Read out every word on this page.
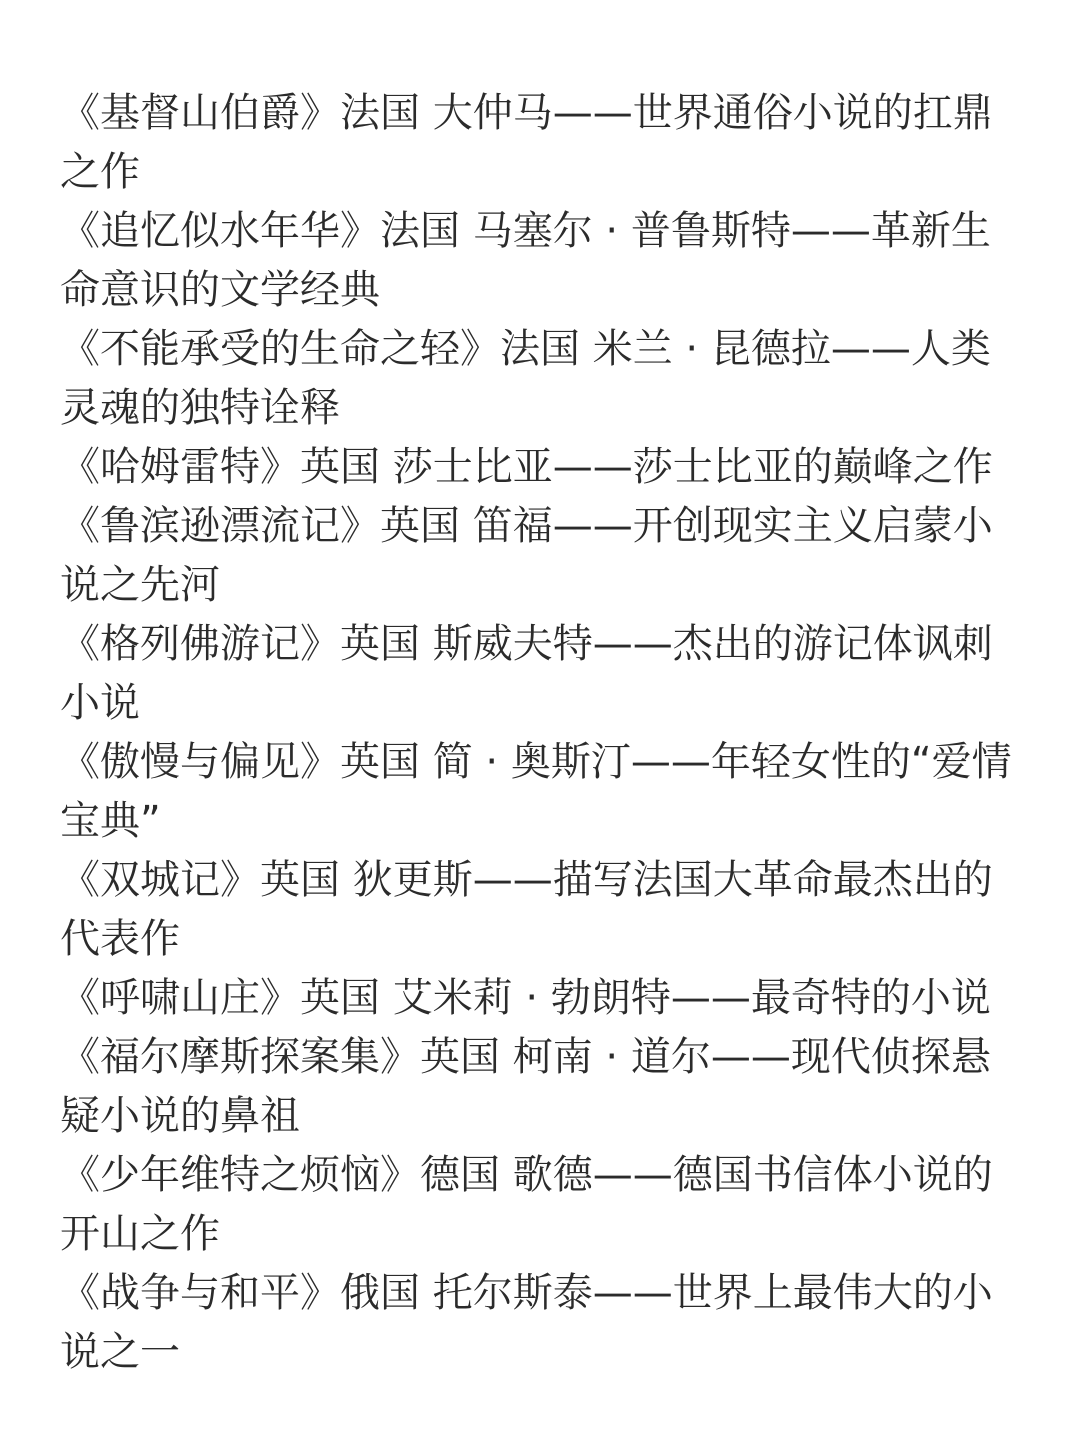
《基督山伯爵》法国 大仲马——世界通俗小说的扛鼎之作

《追忆似水年华》法国 马塞尔 · 普鲁斯特——革新生命意识的文学经典

《不能承受的生命之轻》法国 米兰 · 昆德拉——人类灵魂的独特诠释

《哈姆雷特》英国 莎士比亚——莎士比亚的巅峰之作

《鲁滨逊漂流记》英国 笛福——开创现实主义启蒙小说之先河

《格列佛游记》英国 斯威夫特——杰出的游记体讽刺小说

《傲慢与偏见》英国 简 · 奥斯汀——年轻女性的“爱情宝典”

《双城记》英国 狄更斯——描写法国大革命最杰出的代表作

《呼啸山庄》英国 艾米莉 · 勃朗特——最奇特的小说

《福尔摩斯探案集》英国 柯南 · 道尔——现代侦探悬疑小说的鼻祖

《少年维特之烦恼》德国 歌德——德国书信体小说的开山之作

《战争与和平》俄国 托尔斯泰——世界上最伟大的小说之一
